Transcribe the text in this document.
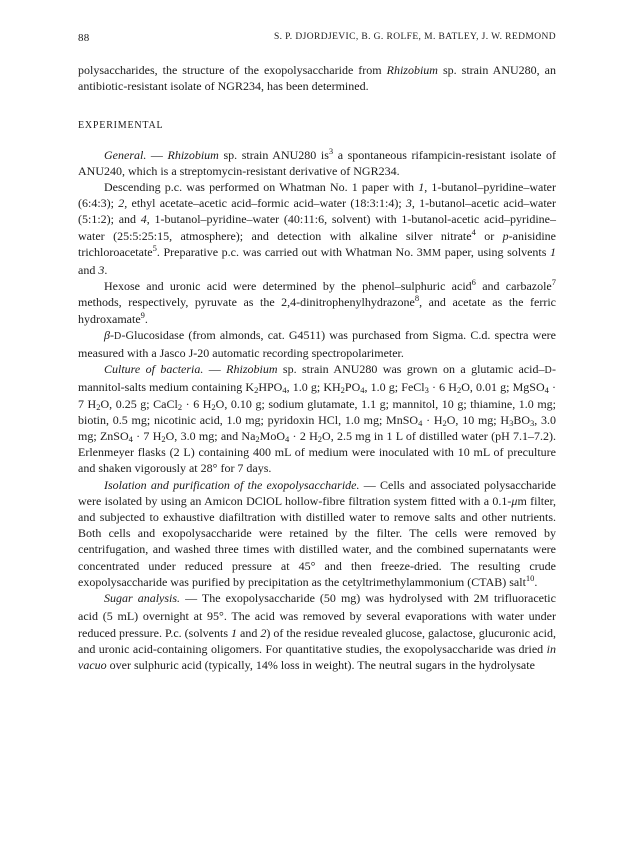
88	S. P. DJORDJEVIC, B. G. ROLFE, M. BATLEY, J. W. REDMOND

polysaccharides, the structure of the exopolysaccharide from Rhizobium sp. strain ANU280, an antibiotic-resistant isolate of NGR234, has been determined.

EXPERIMENTAL

General. — Rhizobium sp. strain ANU280 $is^3$ a spontaneous rifampicin-resistant isolate of ANU240, which is a streptomycin-resistant derivative of NGR234.

Descending p.c. was performed on Whatman No. 1 paper with 1, 1-butanol–pyridine–water (6:4:3); 2, ethyl acetate–acetic acid–formic acid–water (18:3:1:4); 3, 1-butanol–acetic acid–water (5:1:2); and 4, 1-butanol–pyridine–water (40:11:6, solvent) with 1-butanol-acetic acid–pyridine–water (25:5:25:15, atmosphere); and detection with alkaline silver nitrate$^4$ or p-anisidine trichloroacetate$^5$. Preparative p.c. was carried out with Whatman No. 3MM paper, using solvents 1 and 3.

Hexose and uronic acid were determined by the phenol–sulphuric acid$^6$ and carbazole$^7$ methods, respectively, pyruvate as the 2,4-dinitrophenylhydrazone$^8$, and acetate as the ferric hydroxamate$^9$.

β-D-Glucosidase (from almonds, cat. G4511) was purchased from Sigma. C.d. spectra were measured with a Jasco J-20 automatic recording spectropolarimeter.

Culture of bacteria. — Rhizobium sp. strain ANU280 was grown on a glutamic acid–D-mannitol-salts medium containing $K_2HPO_4$, 1.0 g; $KH_2PO_4$, 1.0 g; FeCl$_3$ · 6 $H_2O$, 0.01 g; MgSO$_4$ · 7 $H_2O$, 0.25 g; CaCl$_2$ · 6 $H_2O$, 0.10 g; sodium glutamate, 1.1 g; mannitol, 10 g; thiamine, 1.0 mg; biotin, 0.5 mg; nicotinic acid, 1.0 mg; pyridoxin HCl, 1.0 mg; MnSO$_4$ · $H_2O$, 10 mg; $H_3BO_3$, 3.0 mg; ZnSO$_4$ · 7 $H_2O$, 3.0 mg; and $Na_2MoO_4 \cdot 2$ $H_2O$, 2.5 mg in 1 L of distilled water (pH 7.1–7.2). Erlenmeyer flasks (2 L) containing 400 mL of medium were inoculated with 10 mL of preculture and shaken vigorously at 28° for 7 days.

Isolation and purification of the exopolysaccharide. — Cells and associated polysaccharide were isolated by using an Amicon DClOL hollow-fibre filtration system fitted with a 0.1-μm filter, and subjected to exhaustive diafiltration with distilled water to remove salts and other nutrients. Both cells and exopolysaccharide were retained by the filter. The cells were removed by centrifugation, and washed three times with distilled water, and the combined supernatants were concentrated under reduced pressure at 45° and then freeze-dried. The resulting crude exopolysaccharide was purified by precipitation as the cetyltrimethylammonium (CTAB) salt$^{10}$.

Sugar analysis. — The exopolysaccharide (50 mg) was hydrolysed with 2M trifluoracetic acid (5 mL) overnight at 95°. The acid was removed by several evaporations with water under reduced pressure. P.c. (solvents 1 and 2) of the residue revealed glucose, galactose, glucuronic acid, and uronic acid-containing oligomers. For quantitative studies, the exopolysaccharide was dried in vacuo over sulphuric acid (typically, 14% loss in weight). The neutral sugars in the hydrolysate
